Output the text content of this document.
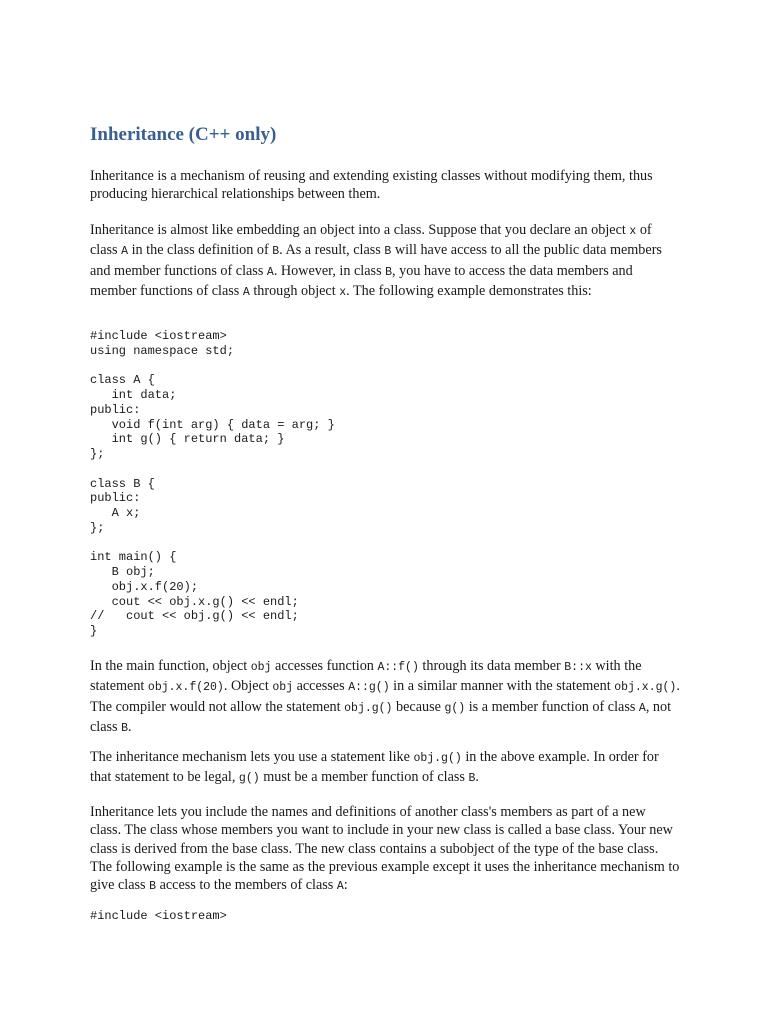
Inheritance (C++ only)

Inheritance is a mechanism of reusing and extending existing classes without modifying them, thus producing hierarchical relationships between them.

Inheritance is almost like embedding an object into a class. Suppose that you declare an object x of class A in the class definition of B. As a result, class B will have access to all the public data members and member functions of class A. However, in class B, you have to access the data members and member functions of class A through object x. The following example demonstrates this:

#include <iostream>
using namespace std;
class A {
int data;
public:
void f(int arg) { data = arg; }
int g() { return data; }
};
class B {
public:
A x;
};
int main() {
B obj;
obj.x.f(20);
cout << obj.x.g() << endl;
//   cout << obj.g() << endl;
}

In the main function, object obj accesses function A::f() through its data member B::x with the statement obj.x.f(20). Object obj accesses A::g() in a similar manner with the statement obj.x.g(). The compiler would not allow the statement obj.g() because g() is a member function of class A, not class B.

The inheritance mechanism lets you use a statement like obj.g() in the above example. In order for that statement to be legal, g() must be a member function of class B.

Inheritance lets you include the names and definitions of another class's members as part of a new class. The class whose members you want to include in your new class is called a base class. Your new class is derived from the base class. The new class contains a subobject of the type of the base class. The following example is the same as the previous example except it uses the inheritance mechanism to give class B access to the members of class A:

#include <iostream>
